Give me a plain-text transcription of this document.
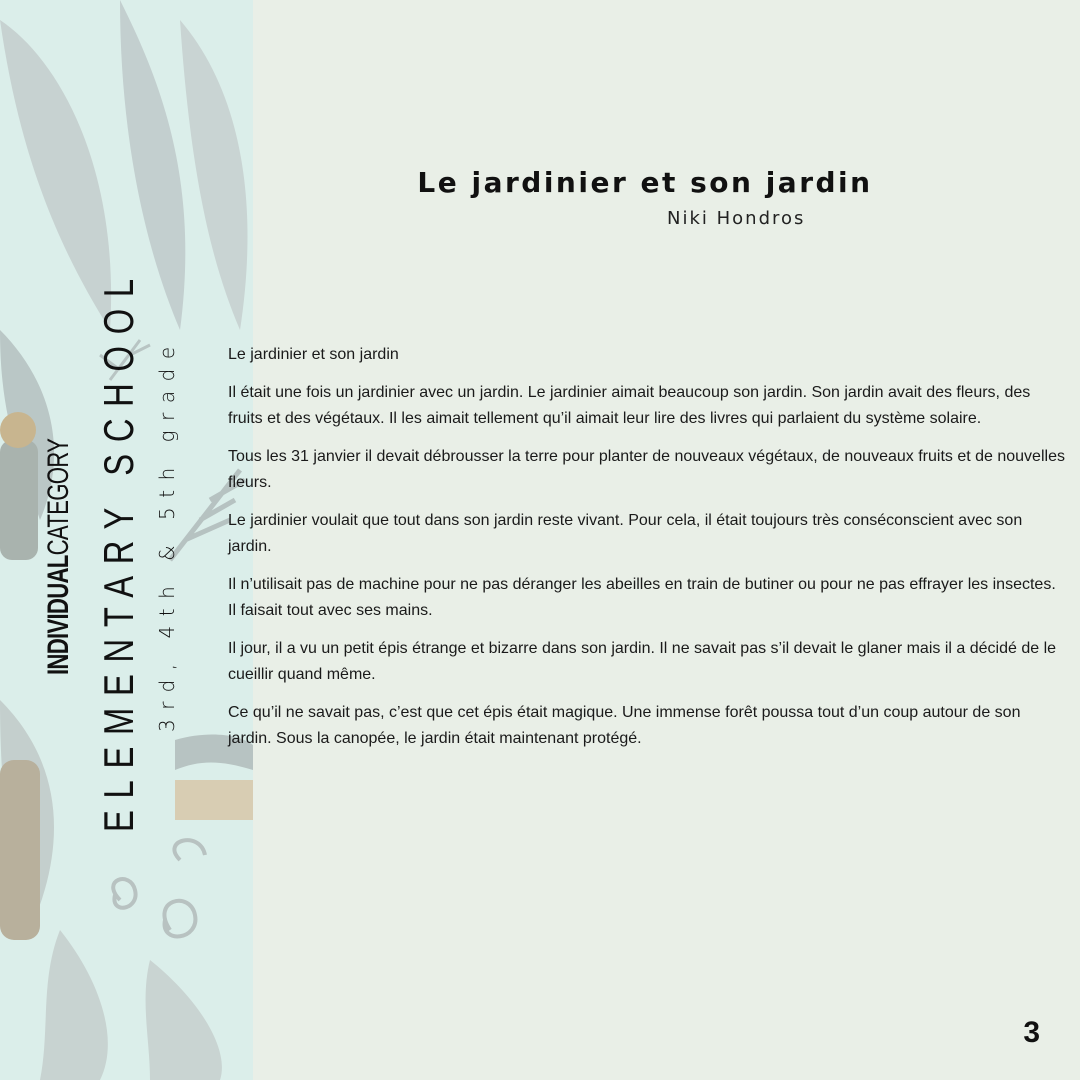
INDIVIDUALCATEGORY ELEMENTARY SCHOOL 3rd, 4th & 5th grade
Le jardinier et son jardin
Niki Hondros

Le jardinier et son jardin

Il était une fois un jardinier avec un jardin. Le jardinier aimait beaucoup son jardin. Son jardin avait des fleurs, des fruits et des végétaux. Il les aimait tellement qu’il aimait leur lire des livres qui parlaient du système solaire.

Tous les 31 janvier il devait débrousser la terre pour planter de nouveaux végétaux, de nouveaux fruits et de nouvelles fleurs.

Le jardinier voulait que tout dans son jardin reste vivant. Pour cela, il était toujours très conséconscient avec son jardin.

Il n’utilisait pas de machine pour ne pas déranger les abeilles en train de butiner ou pour ne pas effrayer les insectes. Il faisait tout avec ses mains.

Il jour, il a vu un petit épis étrange et bizarre dans son jardin. Il ne savait pas s’il devait le glaner mais il a décidé de le cueillir quand même.

Ce qu’il ne savait pas, c’est que cet épis était magique. Une immense forêt poussa tout d’un coup autour de son jardin. Sous la canopée, le jardin était maintenant protégé.

3
